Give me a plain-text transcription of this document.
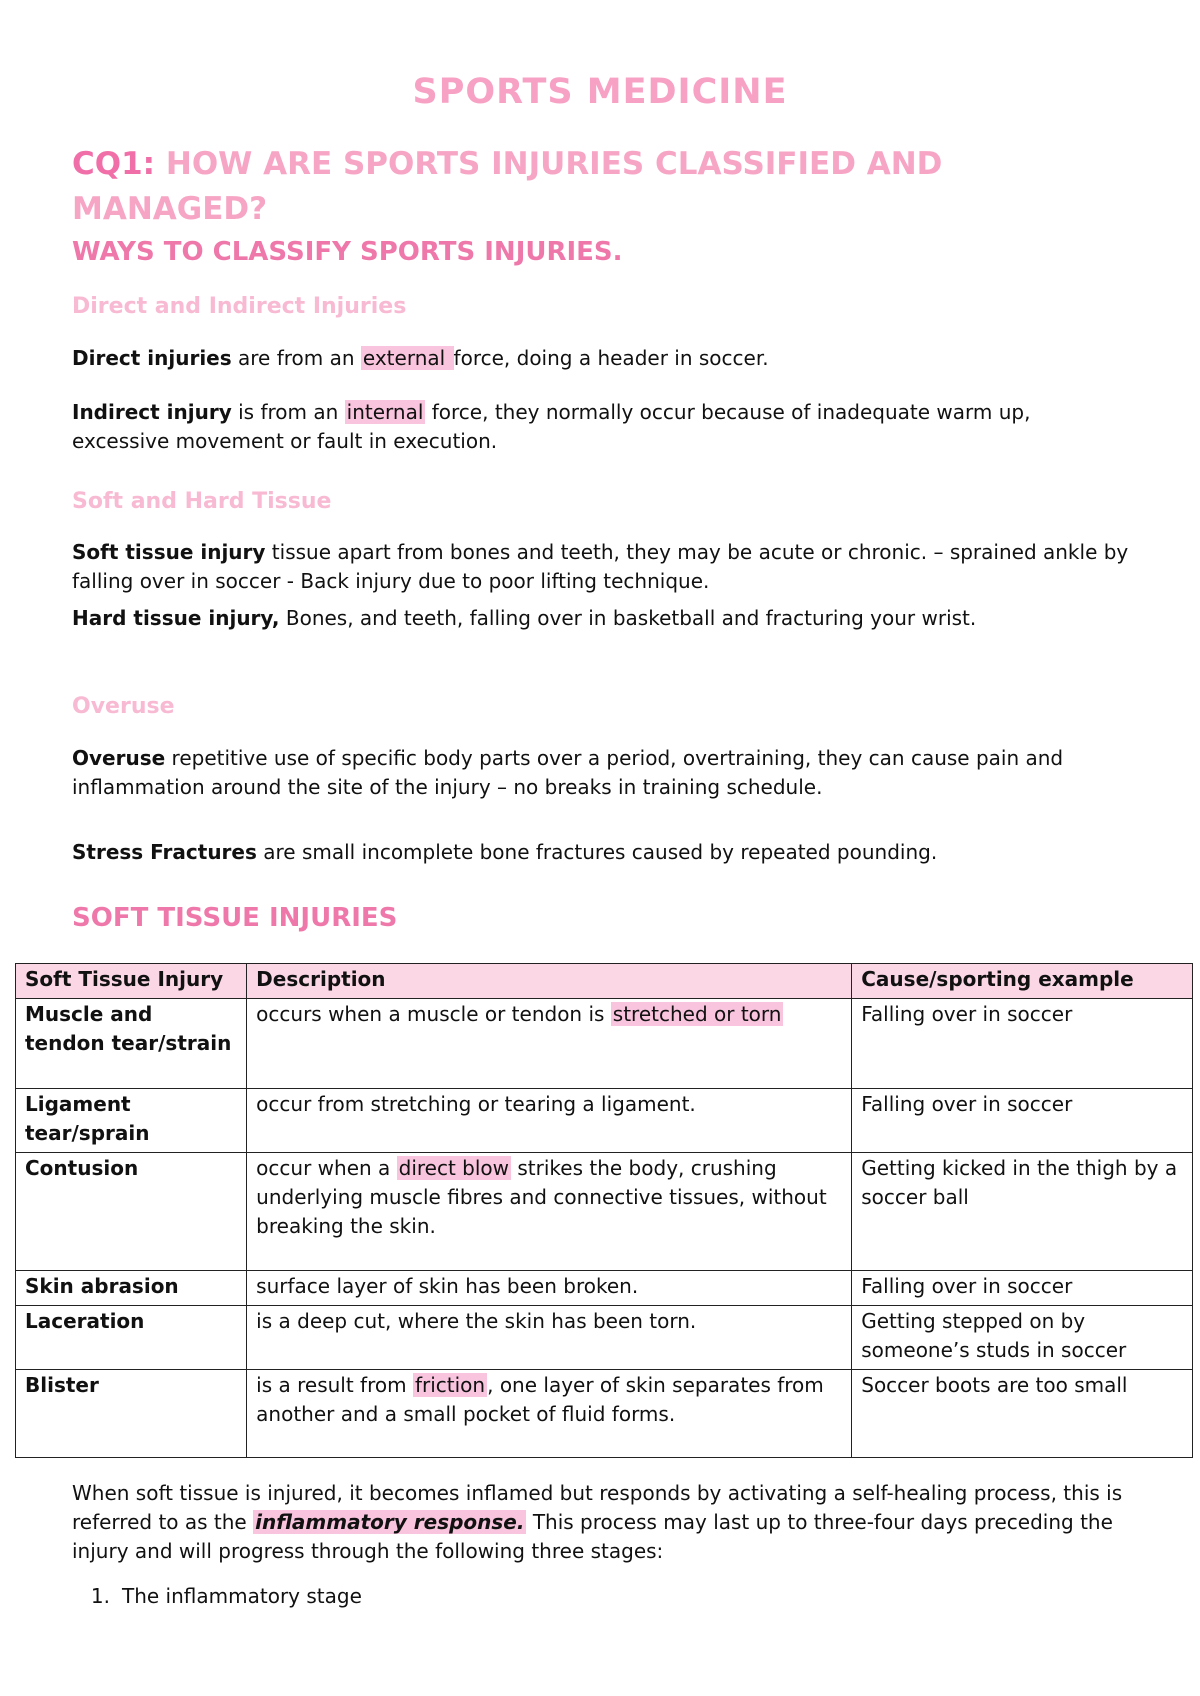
SPORTS MEDICINE
CQ1: HOW ARE SPORTS INJURIES CLASSIFIED AND MANAGED?
WAYS TO CLASSIFY SPORTS INJURIES.
Direct and Indirect Injuries

Direct injuries are from an external force, doing a header in soccer.

Indirect injury is from an internal force, they normally occur because of inadequate warm up, excessive movement or fault in execution.

Soft and Hard Tissue

Soft tissue injury tissue apart from bones and teeth, they may be acute or chronic. – sprained ankle by falling over in soccer - Back injury due to poor lifting technique.

Hard tissue injury, Bones, and teeth, falling over in basketball and fracturing your wrist.

Overuse

Overuse repetitive use of specific body parts over a period, overtraining, they can cause pain and inflammation around the site of the injury – no breaks in training schedule.

Stress Fractures are small incomplete bone fractures caused by repeated pounding.

SOFT TISSUE INJURIES
Soft Tissue Injury	Description	Cause/sporting example
Muscle and tendon tear/strain	occurs when a muscle or tendon is stretched or torn	Falling over in soccer
Ligament tear/sprain	occur from stretching or tearing a ligament.	Falling over in soccer
Contusion	occur when a direct blow strikes the body, crushing underlying muscle fibres and connective tissues, without breaking the skin.	Getting kicked in the thigh by a soccer ball
Skin abrasion	surface layer of skin has been broken.	Falling over in soccer
Laceration	is a deep cut, where the skin has been torn.	Getting stepped on by someone’s studs in soccer
Blister	is a result from friction , one layer of skin separates from another and a small pocket of fluid forms.	Soccer boots are too small

When soft tissue is injured, it becomes inflamed but responds by activating a self-healing process, this is referred to as the inflammatory response. This process may last up to three-four days preceding the injury and will progress through the following three stages:

1. The inflammatory stage
